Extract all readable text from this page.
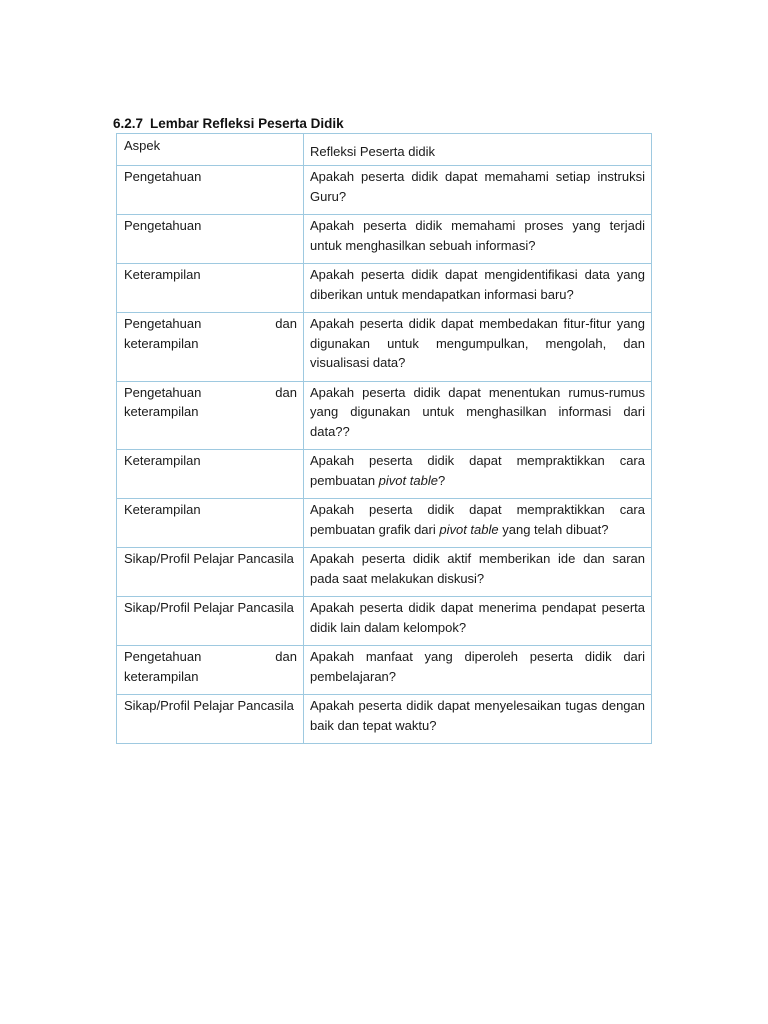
6.2.7 Lembar Refleksi Peserta Didik
Aspek	Refleksi Peserta didik
Pengetahuan	Apakah peserta didik dapat memahami setiap instruksi Guru?
Pengetahuan	Apakah peserta didik memahami proses yang terjadi untuk menghasilkan sebuah informasi?
Keterampilan	Apakah peserta didik dapat mengidentifikasi data yang diberikan untuk mendapatkan informasi baru?
Pengetahuan dan keterampilan	Apakah peserta didik dapat membedakan fitur-fitur yang digunakan untuk mengumpulkan, mengolah, dan visualisasi data?
Pengetahuan dan keterampilan	Apakah peserta didik dapat menentukan rumus-rumus yang digunakan untuk menghasilkan informasi dari data??
Keterampilan	Apakah peserta didik dapat mempraktikkan cara pembuatan pivot table?
Keterampilan	Apakah peserta didik dapat mempraktikkan cara pembuatan grafik dari pivot table yang telah dibuat?
Sikap/Profil Pelajar Pancasila	Apakah peserta didik aktif memberikan ide dan saran pada saat melakukan diskusi?
Sikap/Profil Pelajar Pancasila	Apakah peserta didik dapat menerima pendapat peserta didik lain dalam kelompok?
Pengetahuan dan keterampilan	Apakah manfaat yang diperoleh peserta didik dari pembelajaran?
Sikap/Profil Pelajar Pancasila	Apakah peserta didik dapat menyelesaikan tugas dengan baik dan tepat waktu?
